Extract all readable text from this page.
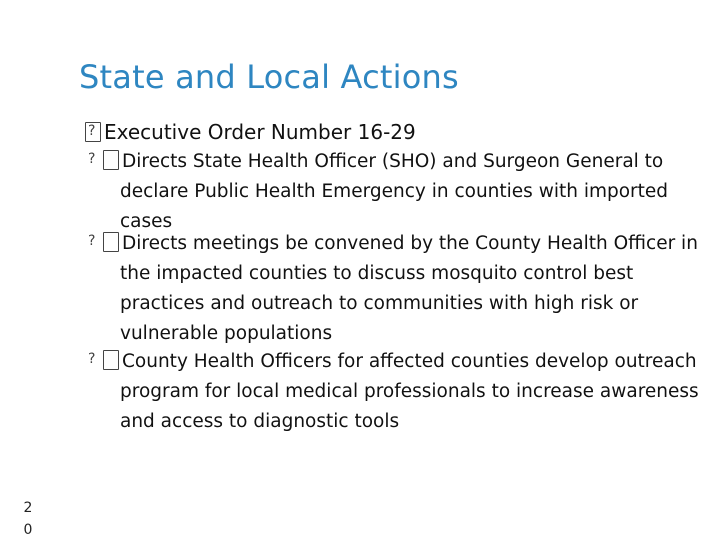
State and Local Actions
?Executive Order Number 16-29
?Directs State Health Officer (SHO) and Surgeon General to declare Public Health Emergency in counties with imported cases
?Directs meetings be convened by the County Health Officer in the impacted counties to discuss mosquito control best practices and outreach to communities with high risk or vulnerable populations
?County Health Officers for affected counties develop outreach program for local medical professionals to increase awareness and access to diagnostic tools
20
